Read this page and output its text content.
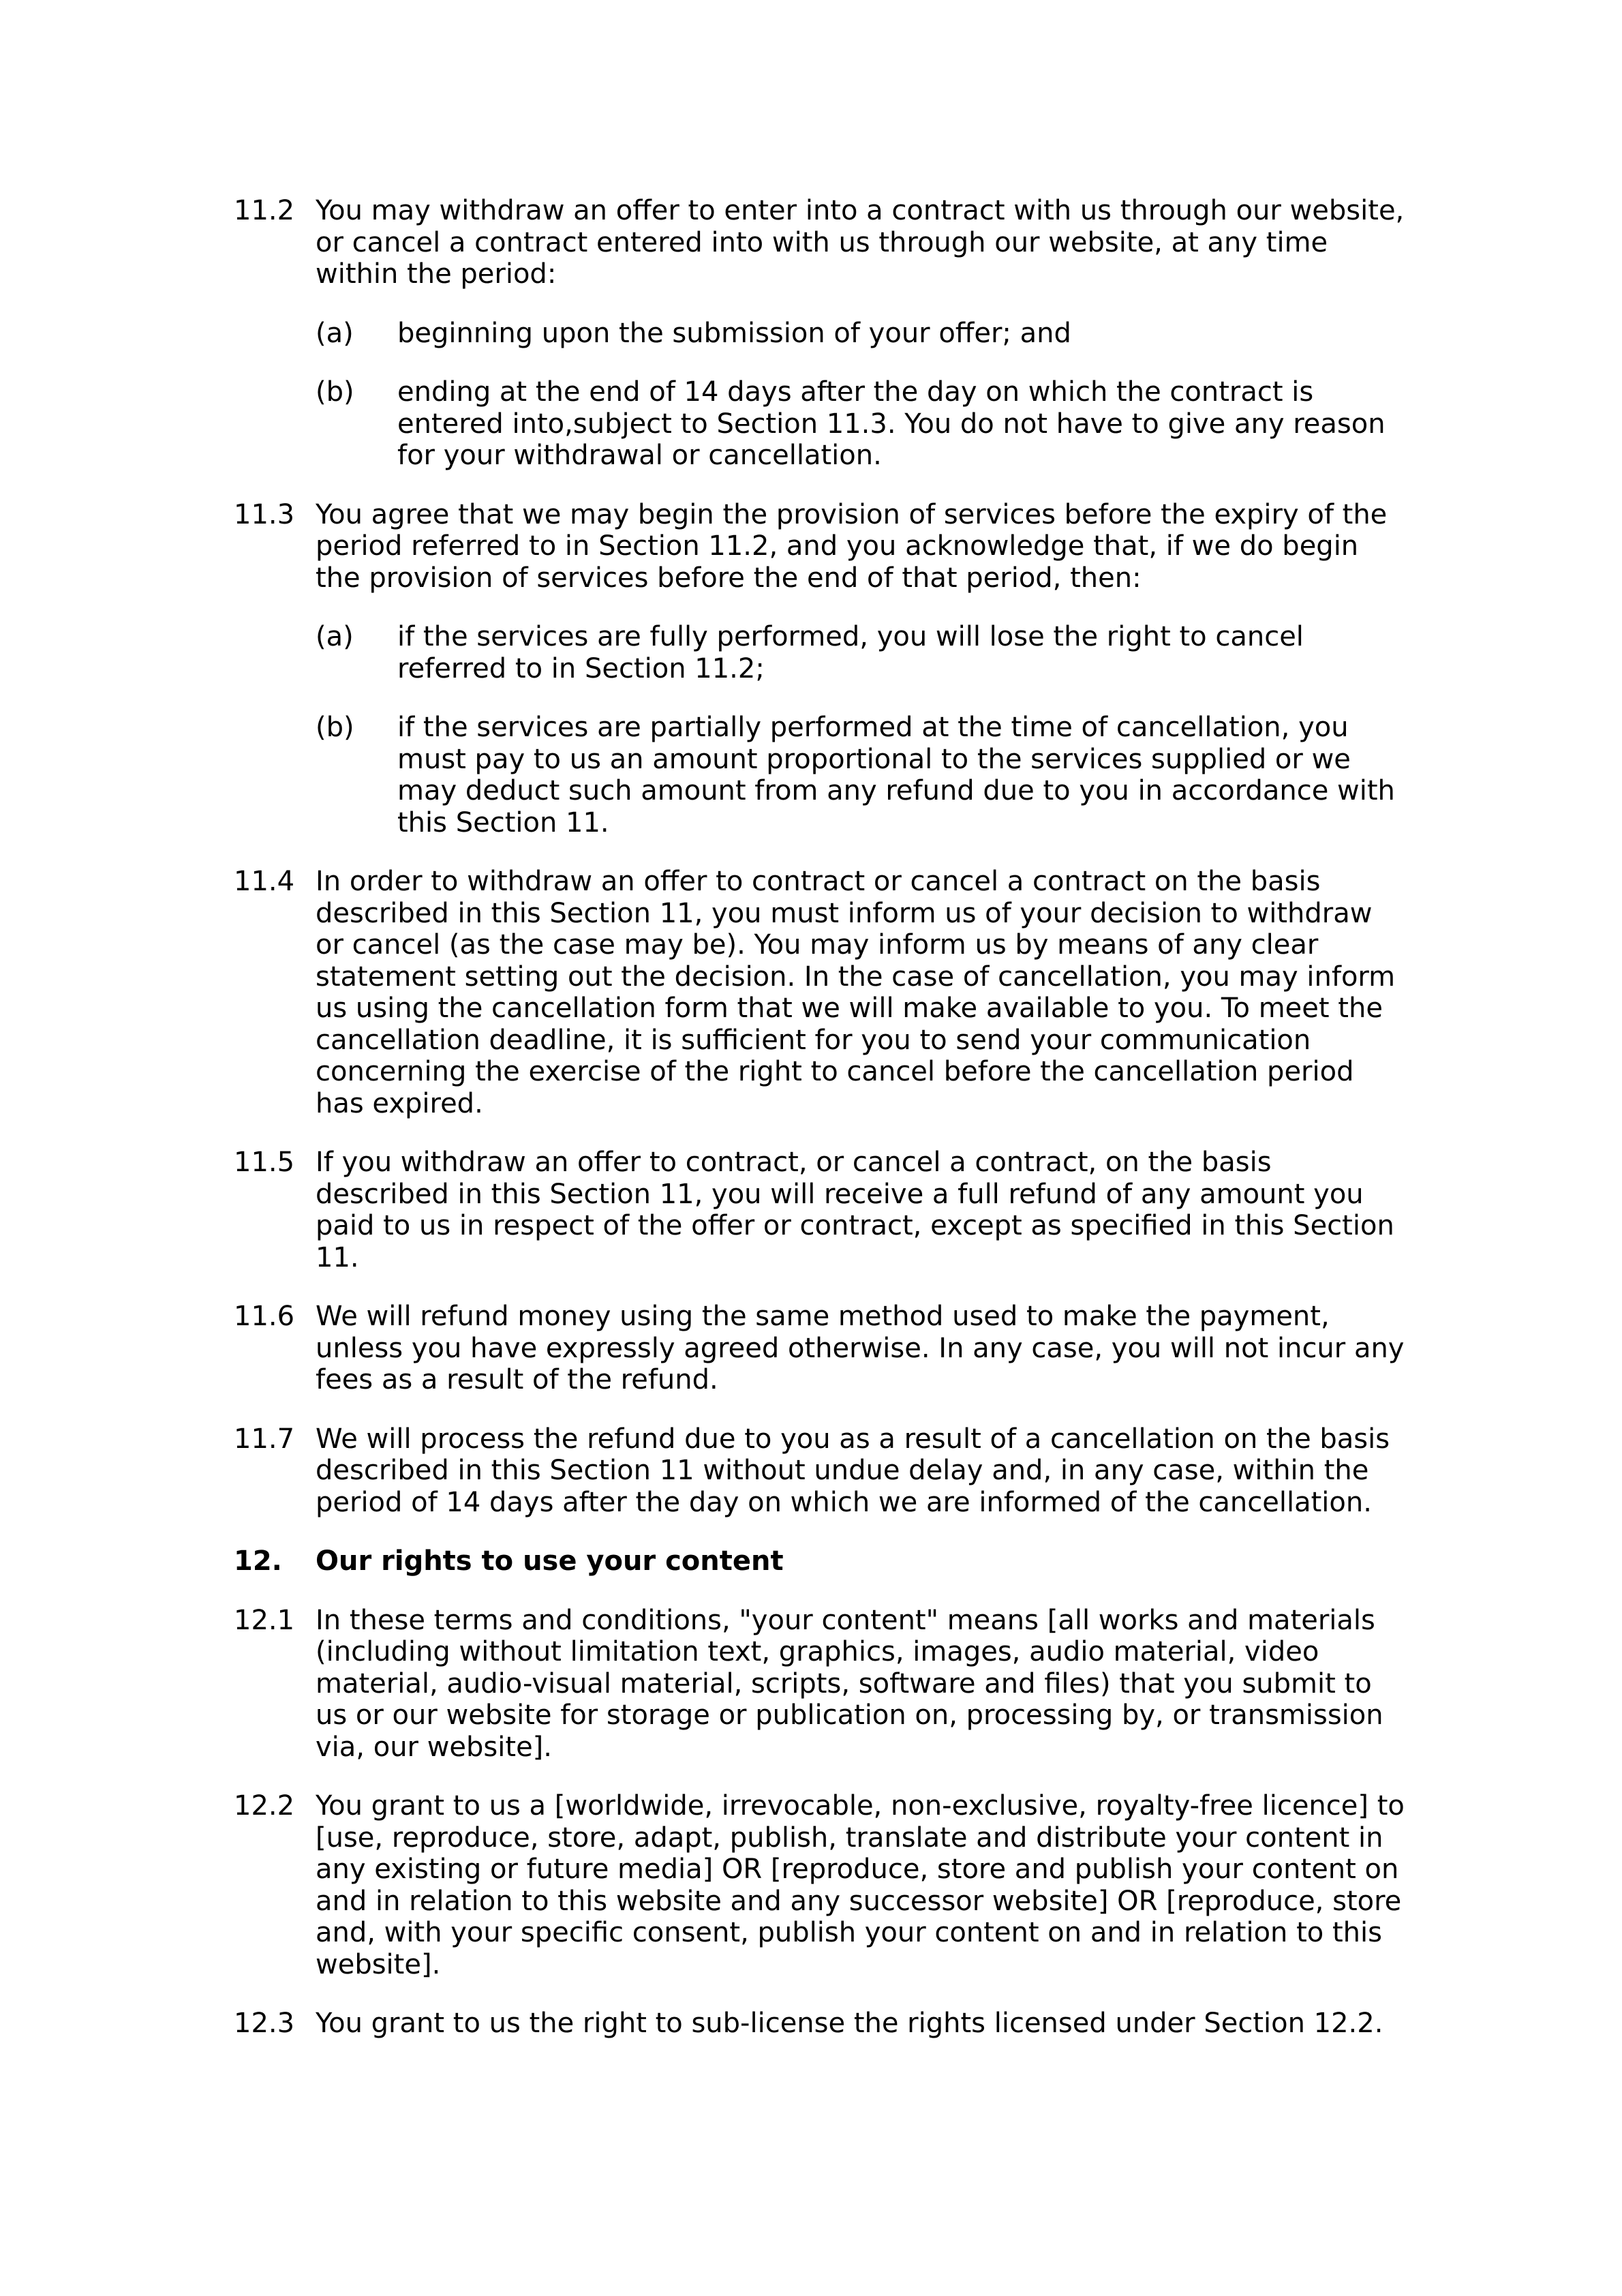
11.2 You may withdraw an offer to enter into a contract with us through our website, or cancel a contract entered into with us through our website, at any time within the period:
(a)	beginning upon the submission of your offer; and
(b)	ending at the end of 14 days after the day on which the contract is entered into,subject to Section 11.3. You do not have to give any reason for your withdrawal or cancellation.
11.3 You agree that we may begin the provision of services before the expiry of the period referred to in Section 11.2, and you acknowledge that, if we do begin the provision of services before the end of that period, then:
(a)	if the services are fully performed, you will lose the right to cancel referred to in Section 11.2;
(b)	if the services are partially performed at the time of cancellation, you must pay to us an amount proportional to the services supplied or we may deduct such amount from any refund due to you in accordance with this Section 11.
11.4 In order to withdraw an offer to contract or cancel a contract on the basis described in this Section 11, you must inform us of your decision to withdraw or cancel (as the case may be). You may inform us by means of any clear statement setting out the decision. In the case of cancellation, you may inform us using the cancellation form that we will make available to you. To meet the cancellation deadline, it is sufficient for you to send your communication concerning the exercise of the right to cancel before the cancellation period has expired.
11.5 If you withdraw an offer to contract, or cancel a contract, on the basis described in this Section 11, you will receive a full refund of any amount you paid to us in respect of the offer or contract, except as specified in this Section 11.
11.6 We will refund money using the same method used to make the payment, unless you have expressly agreed otherwise. In any case, you will not incur any fees as a result of the refund.
11.7 We will process the refund due to you as a result of a cancellation on the basis described in this Section 11 without undue delay and, in any case, within the period of 14 days after the day on which we are informed of the cancellation.
12.	Our rights to use your content
12.1 In these terms and conditions, "your content" means [all works and materials (including without limitation text, graphics, images, audio material, video material, audio-visual material, scripts, software and files) that you submit to us or our website for storage or publication on, processing by, or transmission via, our website].
12.2 You grant to us a [worldwide, irrevocable, non-exclusive, royalty-free licence] to [use, reproduce, store, adapt, publish, translate and distribute your content in any existing or future media] OR [reproduce, store and publish your content on and in relation to this website and any successor website] OR [reproduce, store and, with your specific consent, publish your content on and in relation to this website].
12.3 You grant to us the right to sub-license the rights licensed under Section 12.2.
